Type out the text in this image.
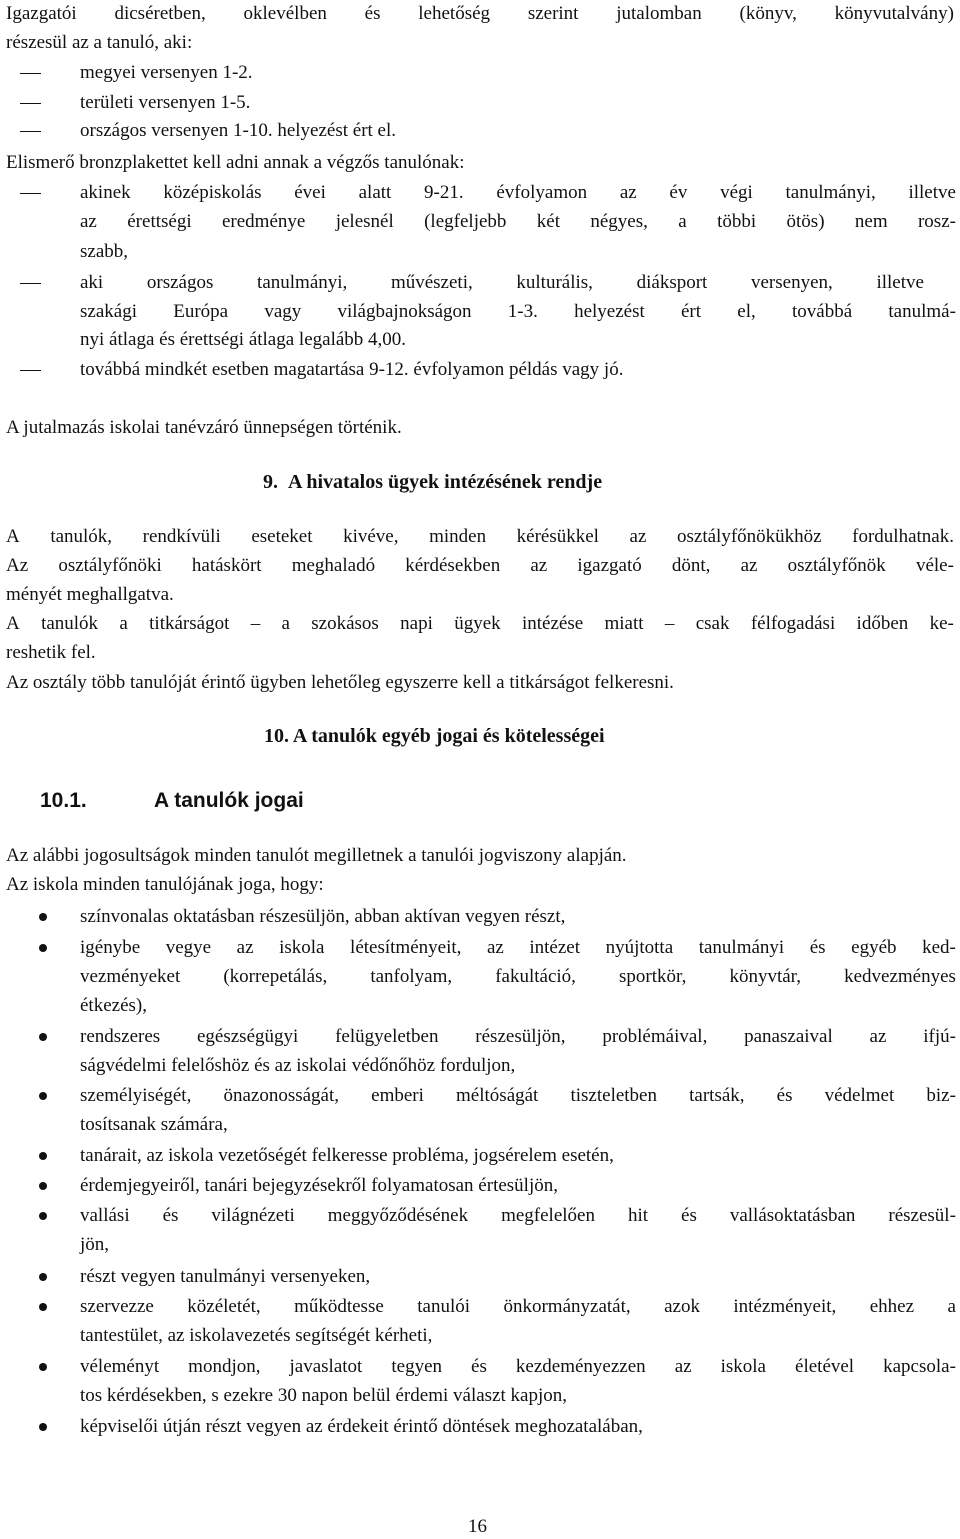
Igazgatói dicséretben, oklevélben és lehetőség szerint jutalomban (könyv, könyvutalvány)
részesül az a tanuló, aki:
megyei versenyen 1-2.
területi versenyen 1-5.
országos versenyen 1-10. helyezést ért el.
Elismerő bronzplakettet kell adni annak a végzős tanulónak:
akinek középiskolás évei alatt 9-21. évfolyamon az év végi tanulmányi, illetve
az érettségi eredménye jelesnél (legfeljebb két négyes, a többi ötös) nem rosz-
szabb,
aki országos tanulmányi, művészeti, kulturális, diáksport versenyen, illetve
szakági Európa vagy világbajnokságon 1-3. helyezést ért el, továbbá tanulmá-
nyi átlaga és érettségi átlaga legalább 4,00.
továbbá mindkét esetben magatartása 9-12. évfolyamon példás vagy jó.
A jutalmazás iskolai tanévzáró ünnepségen történik.
9. A hivatalos ügyek intézésének rendje
A tanulók, rendkívüli eseteket kivéve, minden kérésükkel az osztályfőnökükhöz fordulhatnak.
Az osztályfőnöki hatáskört meghaladó kérdésekben az igazgató dönt, az osztályfőnök véle-
ményét meghallgatva.
A tanulók a titkárságot – a szokásos napi ügyek intézése miatt – csak félfogadási időben ke-
reshetik fel.
Az osztály több tanulóját érintő ügyben lehetőleg egyszerre kell a titkárságot felkeresni.
10. A tanulók egyéb jogai és kötelességei
10.1.	A tanulók jogai
Az alábbi jogosultságok minden tanulót megilletnek a tanulói jogviszony alapján.
Az iskola minden tanulójának joga, hogy:
színvonalas oktatásban részesüljön, abban aktívan vegyen részt,
igénybe vegye az iskola létesítményeit, az intézet nyújtotta tanulmányi és egyéb ked-
vezményeket (korrepetálás, tanfolyam, fakultáció, sportkör, könyvtár, kedvezményes
étkezés),
rendszeres egészségügyi felügyeletben részesüljön, problémáival, panaszaival az ifjú-
ságvédelmi felelőshöz és az iskolai védőnőhöz forduljon,
személyiségét, önazonosságát, emberi méltóságát tiszteletben tartsák, és védelmet biz-
tosítsanak számára,
tanárait, az iskola vezetőségét felkeresse probléma, jogsérelem esetén,
érdemjegyeiről, tanári bejegyzésekről folyamatosan értesüljön,
vallási és világnézeti meggyőződésének megfelelően hit és vallásoktatásban részesül-
jön,
részt vegyen tanulmányi versenyeken,
szervezze közéletét, működtesse tanulói önkormányzatát, azok intézményeit, ehhez a
tantestület, az iskolavezetés segítségét kérheti,
véleményt mondjon, javaslatot tegyen és kezdeményezzen az iskola életével kapcsola-
tos kérdésekben, s ezekre 30 napon belül érdemi választ kapjon,
képviselői útján részt vegyen az érdekeit érintő döntések meghozatalában,
16
